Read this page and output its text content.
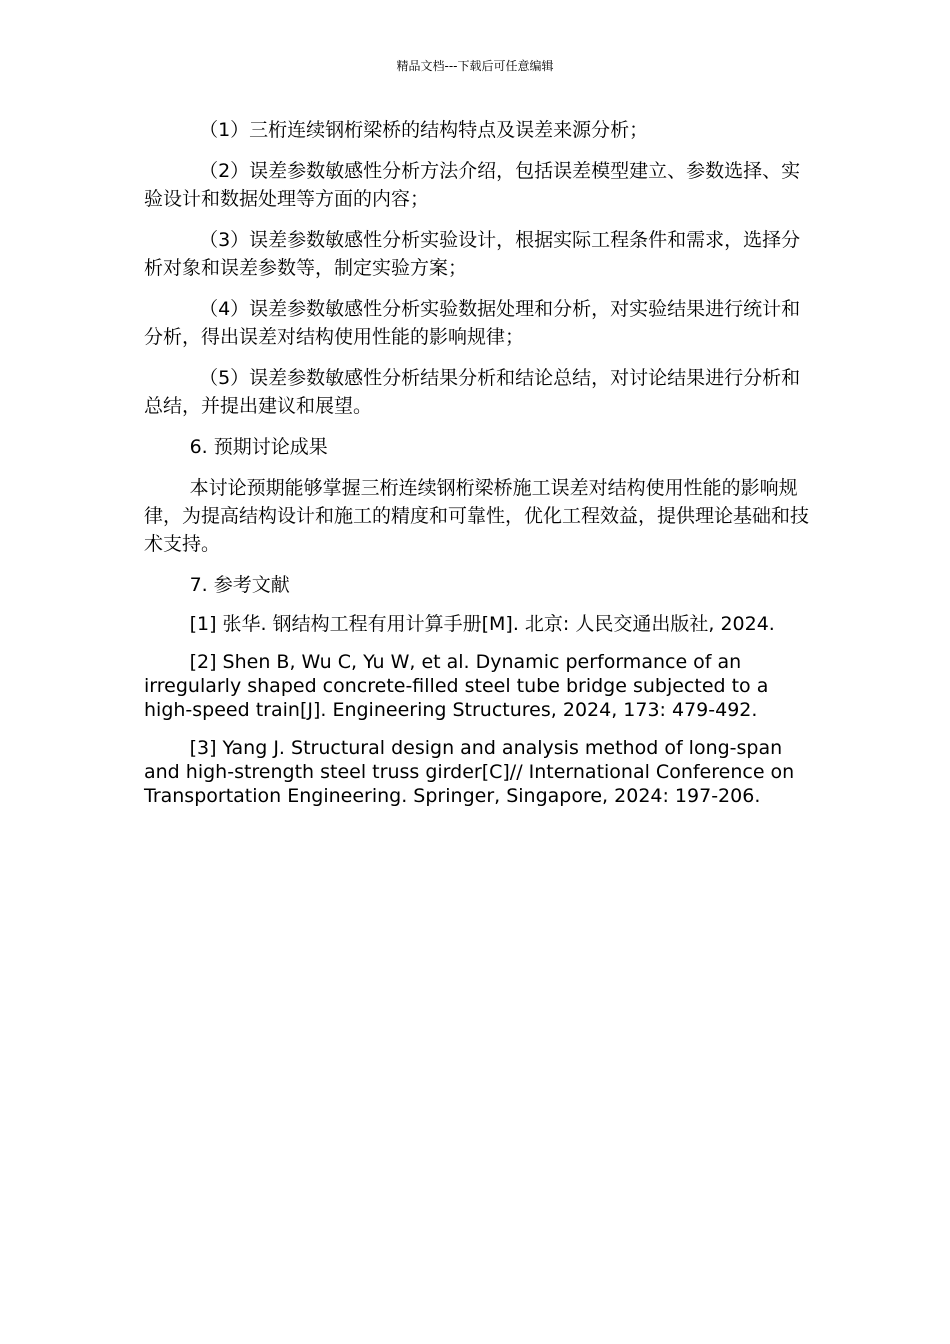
精品文档---下载后可任意编辑

（1）三桁连续钢桁梁桥的结构特点及误差来源分析；

（2）误差参数敏感性分析方法介绍，包括误差模型建立、参数选择、实验设计和数据处理等方面的内容；

（3）误差参数敏感性分析实验设计，根据实际工程条件和需求，选择分析对象和误差参数等，制定实验方案；

（4）误差参数敏感性分析实验数据处理和分析，对实验结果进行统计和分析，得出误差对结构使用性能的影响规律；

（5）误差参数敏感性分析结果分析和结论总结，对讨论结果进行分析和总结，并提出建议和展望。

6. 预期讨论成果

本讨论预期能够掌握三桁连续钢桁梁桥施工误差对结构使用性能的影响规律，为提高结构设计和施工的精度和可靠性，优化工程效益，提供理论基础和技术支持。

7. 参考文献

[1] 张华. 钢结构工程有用计算手册[M]. 北京: 人民交通出版社, 2024.

[2] Shen B, Wu C, Yu W, et al. Dynamic performance of an irregularly shaped concrete-filled steel tube bridge subjected to a high-speed train[J]. Engineering Structures, 2024, 173: 479-492.

[3] Yang J. Structural design and analysis method of long-span and high-strength steel truss girder[C]// International Conference on Transportation Engineering. Springer, Singapore, 2024: 197-206.
